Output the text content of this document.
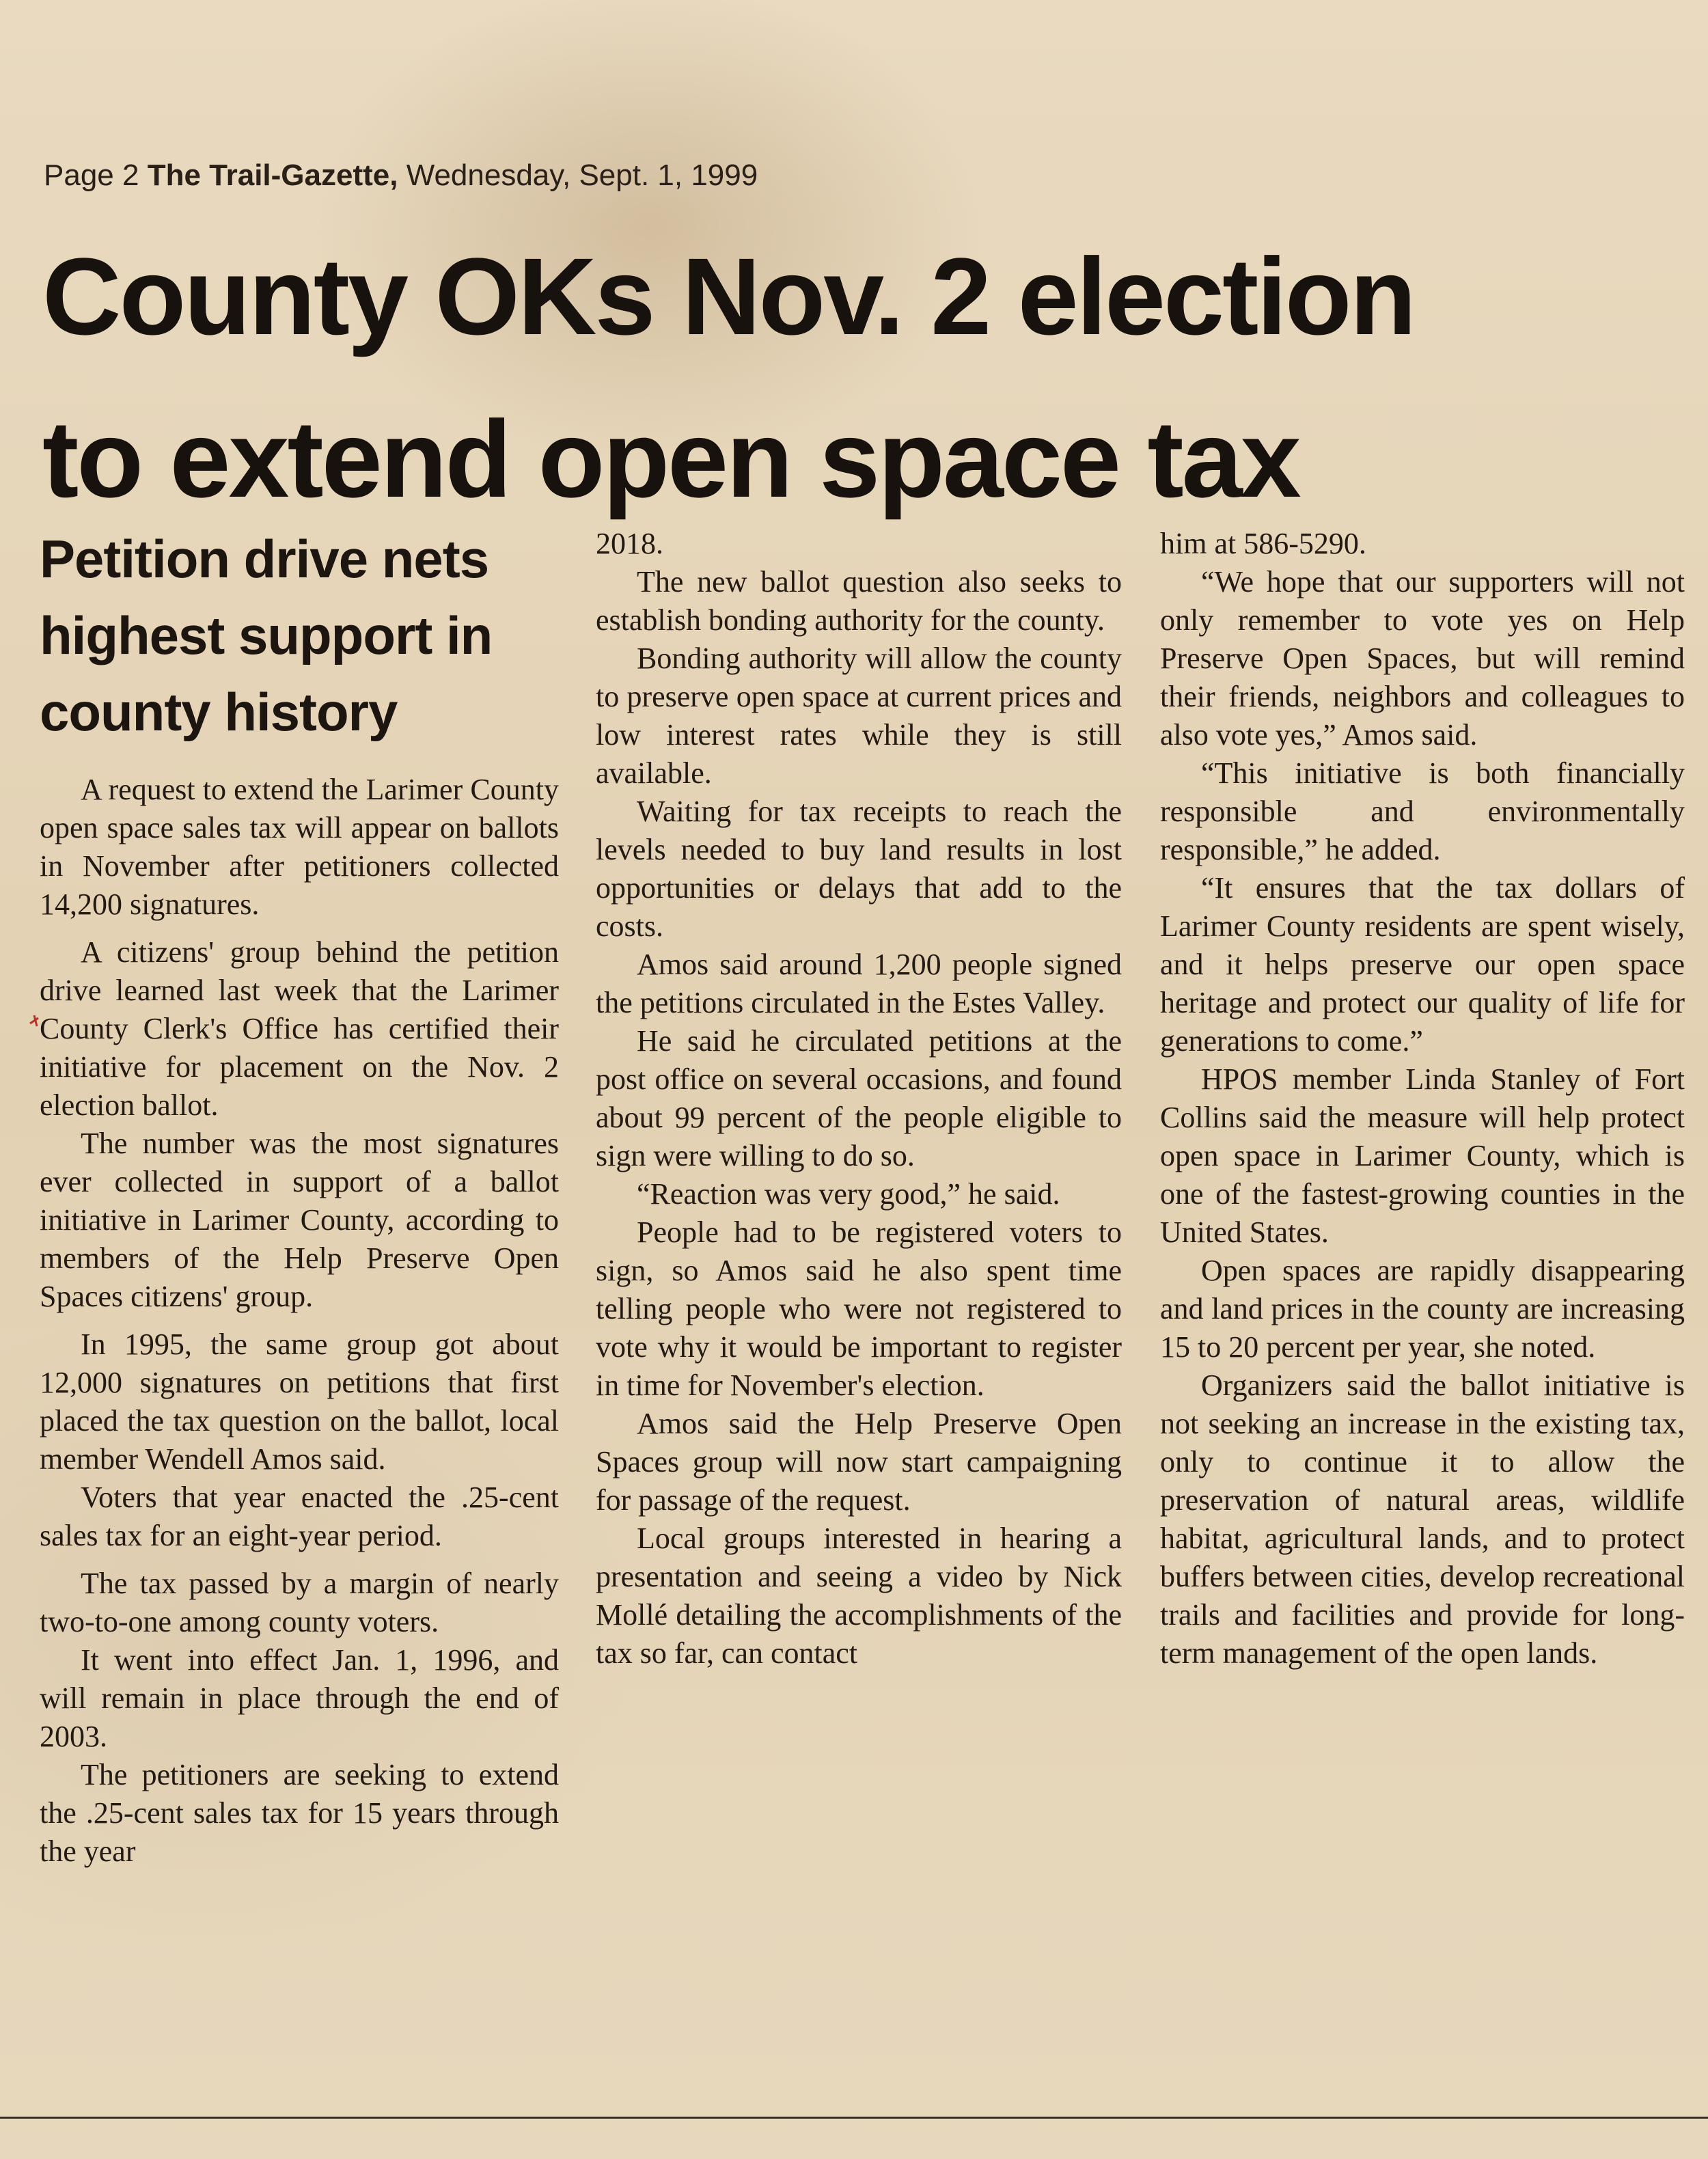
Page 2 The Trail-Gazette, Wednesday, Sept. 1, 1999
County OKs Nov. 2 election
to extend open space tax
Petition drive nets highest support in county history

A request to extend the Larimer County open space sales tax will appear on ballots in November after petitioners collected 14,200 signatures.

A citizens' group behind the petition drive learned last week that the Larimer County Clerk's Office has certified their initiative for placement on the Nov. 2 election ballot.

The number was the most signatures ever collected in support of a ballot initiative in Larimer County, according to members of the Help Preserve Open Spaces citizens' group.

In 1995, the same group got about 12,000 signatures on petitions that first placed the tax question on the ballot, local member Wendell Amos said.

Voters that year enacted the .25-cent sales tax for an eight-year period.

The tax passed by a margin of nearly two-to-one among county voters.

It went into effect Jan. 1, 1996, and will remain in place through the end of 2003.

The petitioners are seeking to extend the .25-cent sales tax for 15 years through the year

2018.

The new ballot question also seeks to establish bonding authority for the county.

Bonding authority will allow the county to preserve open space at current prices and low interest rates while they is still available.

Waiting for tax receipts to reach the levels needed to buy land results in lost opportunities or delays that add to the costs.

Amos said around 1,200 people signed the petitions circulated in the Estes Valley.

He said he circulated petitions at the post office on several occasions, and found about 99 percent of the people eligible to sign were willing to do so.

“Reaction was very good,” he said.

People had to be registered voters to sign, so Amos said he also spent time telling people who were not registered to vote why it would be important to register in time for November's election.

Amos said the Help Preserve Open Spaces group will now start campaigning for passage of the request.

Local groups interested in hearing a presentation and seeing a video by Nick Mollé detailing the accomplishments of the tax so far, can contact

him at 586-5290.

“We hope that our supporters will not only remember to vote yes on Help Preserve Open Spaces, but will remind their friends, neighbors and colleagues to also vote yes,” Amos said.

“This initiative is both financially responsible and environmentally responsible,” he added.

“It ensures that the tax dollars of Larimer County residents are spent wisely, and it helps preserve our open space heritage and protect our quality of life for generations to come.”

HPOS member Linda Stanley of Fort Collins said the measure will help protect open space in Larimer County, which is one of the fastest-growing counties in the United States.

Open spaces are rapidly disappearing and land prices in the county are increasing 15 to 20 percent per year, she noted.

Organizers said the ballot initiative is not seeking an increase in the existing tax, only to continue it to allow the preservation of natural areas, wildlife habitat, agricultural lands, and to protect buffers between cities, develop recreational trails and facilities and provide for long-term management of the open lands.
